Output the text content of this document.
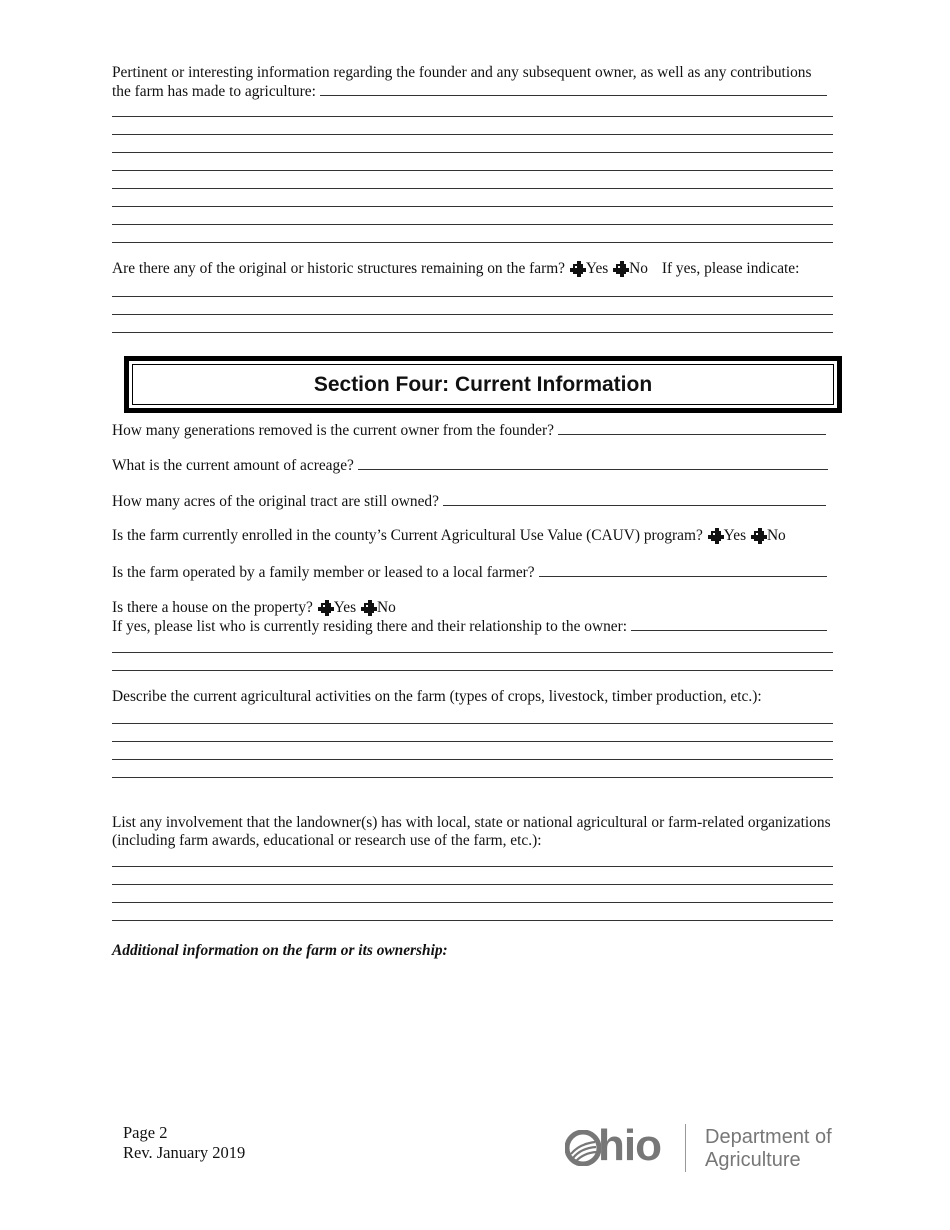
Pertinent or interesting information regarding the founder and any subsequent owner, as well as any contributions
the farm has made to agriculture:
Are there any of the original or historic structures remaining on the farm? Yes No If yes, please indicate:
Section Four: Current Information
How many generations removed is the current owner from the founder?
What is the current amount of acreage?
How many acres of the original tract are still owned?
Is the farm currently enrolled in the county’s Current Agricultural Use Value (CAUV) program? Yes No
Is the farm operated by a family member or leased to a local farmer?
Is there a house on the property? Yes No
If yes, please list who is currently residing there and their relationship to the owner:
Describe the current agricultural activities on the farm (types of crops, livestock, timber production, etc.):
List any involvement that the landowner(s) has with local, state or national agricultural or farm-related organizations
(including farm awards, educational or research use of the farm, etc.):
Additional information on the farm or its ownership:
Page 2
Rev. January 2019	hio Department of
Agriculture
